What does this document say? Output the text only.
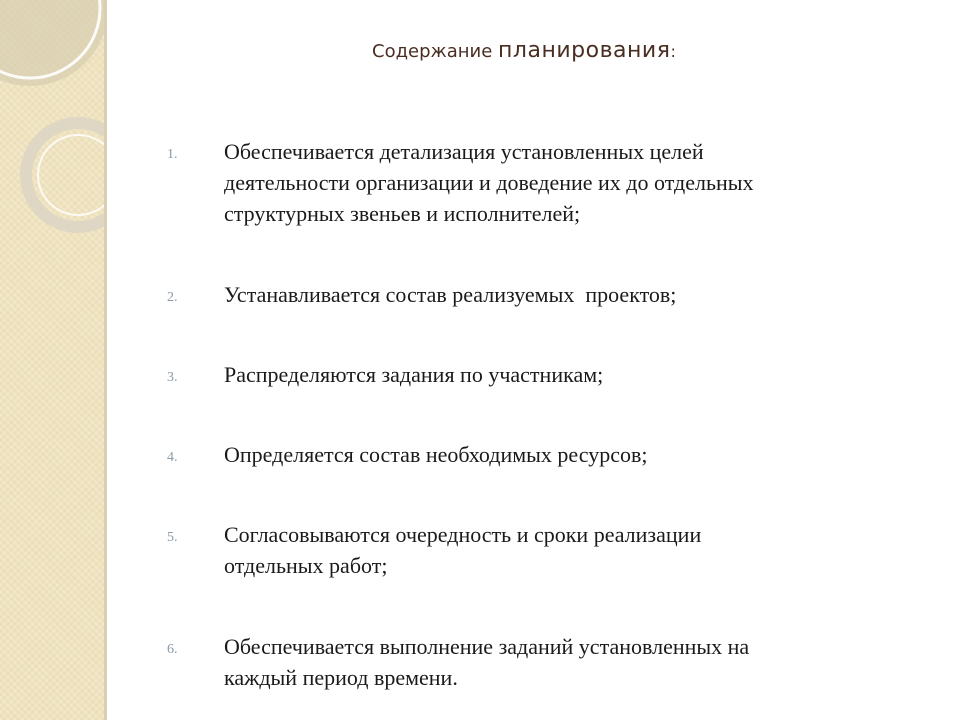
Содержание планирования:
1. Обеспечивается детализация установленных целей
деятельности организации и доведение их до отдельных
структурных звеньев и исполнителей;
2. Устанавливается состав реализуемых  проектов;
3. Распределяются задания по участникам;
4. Определяется состав необходимых ресурсов;
5. Согласовываются очередность и сроки реализации
отдельных работ;
6. Обеспечивается выполнение заданий установленных на
каждый период времени.
